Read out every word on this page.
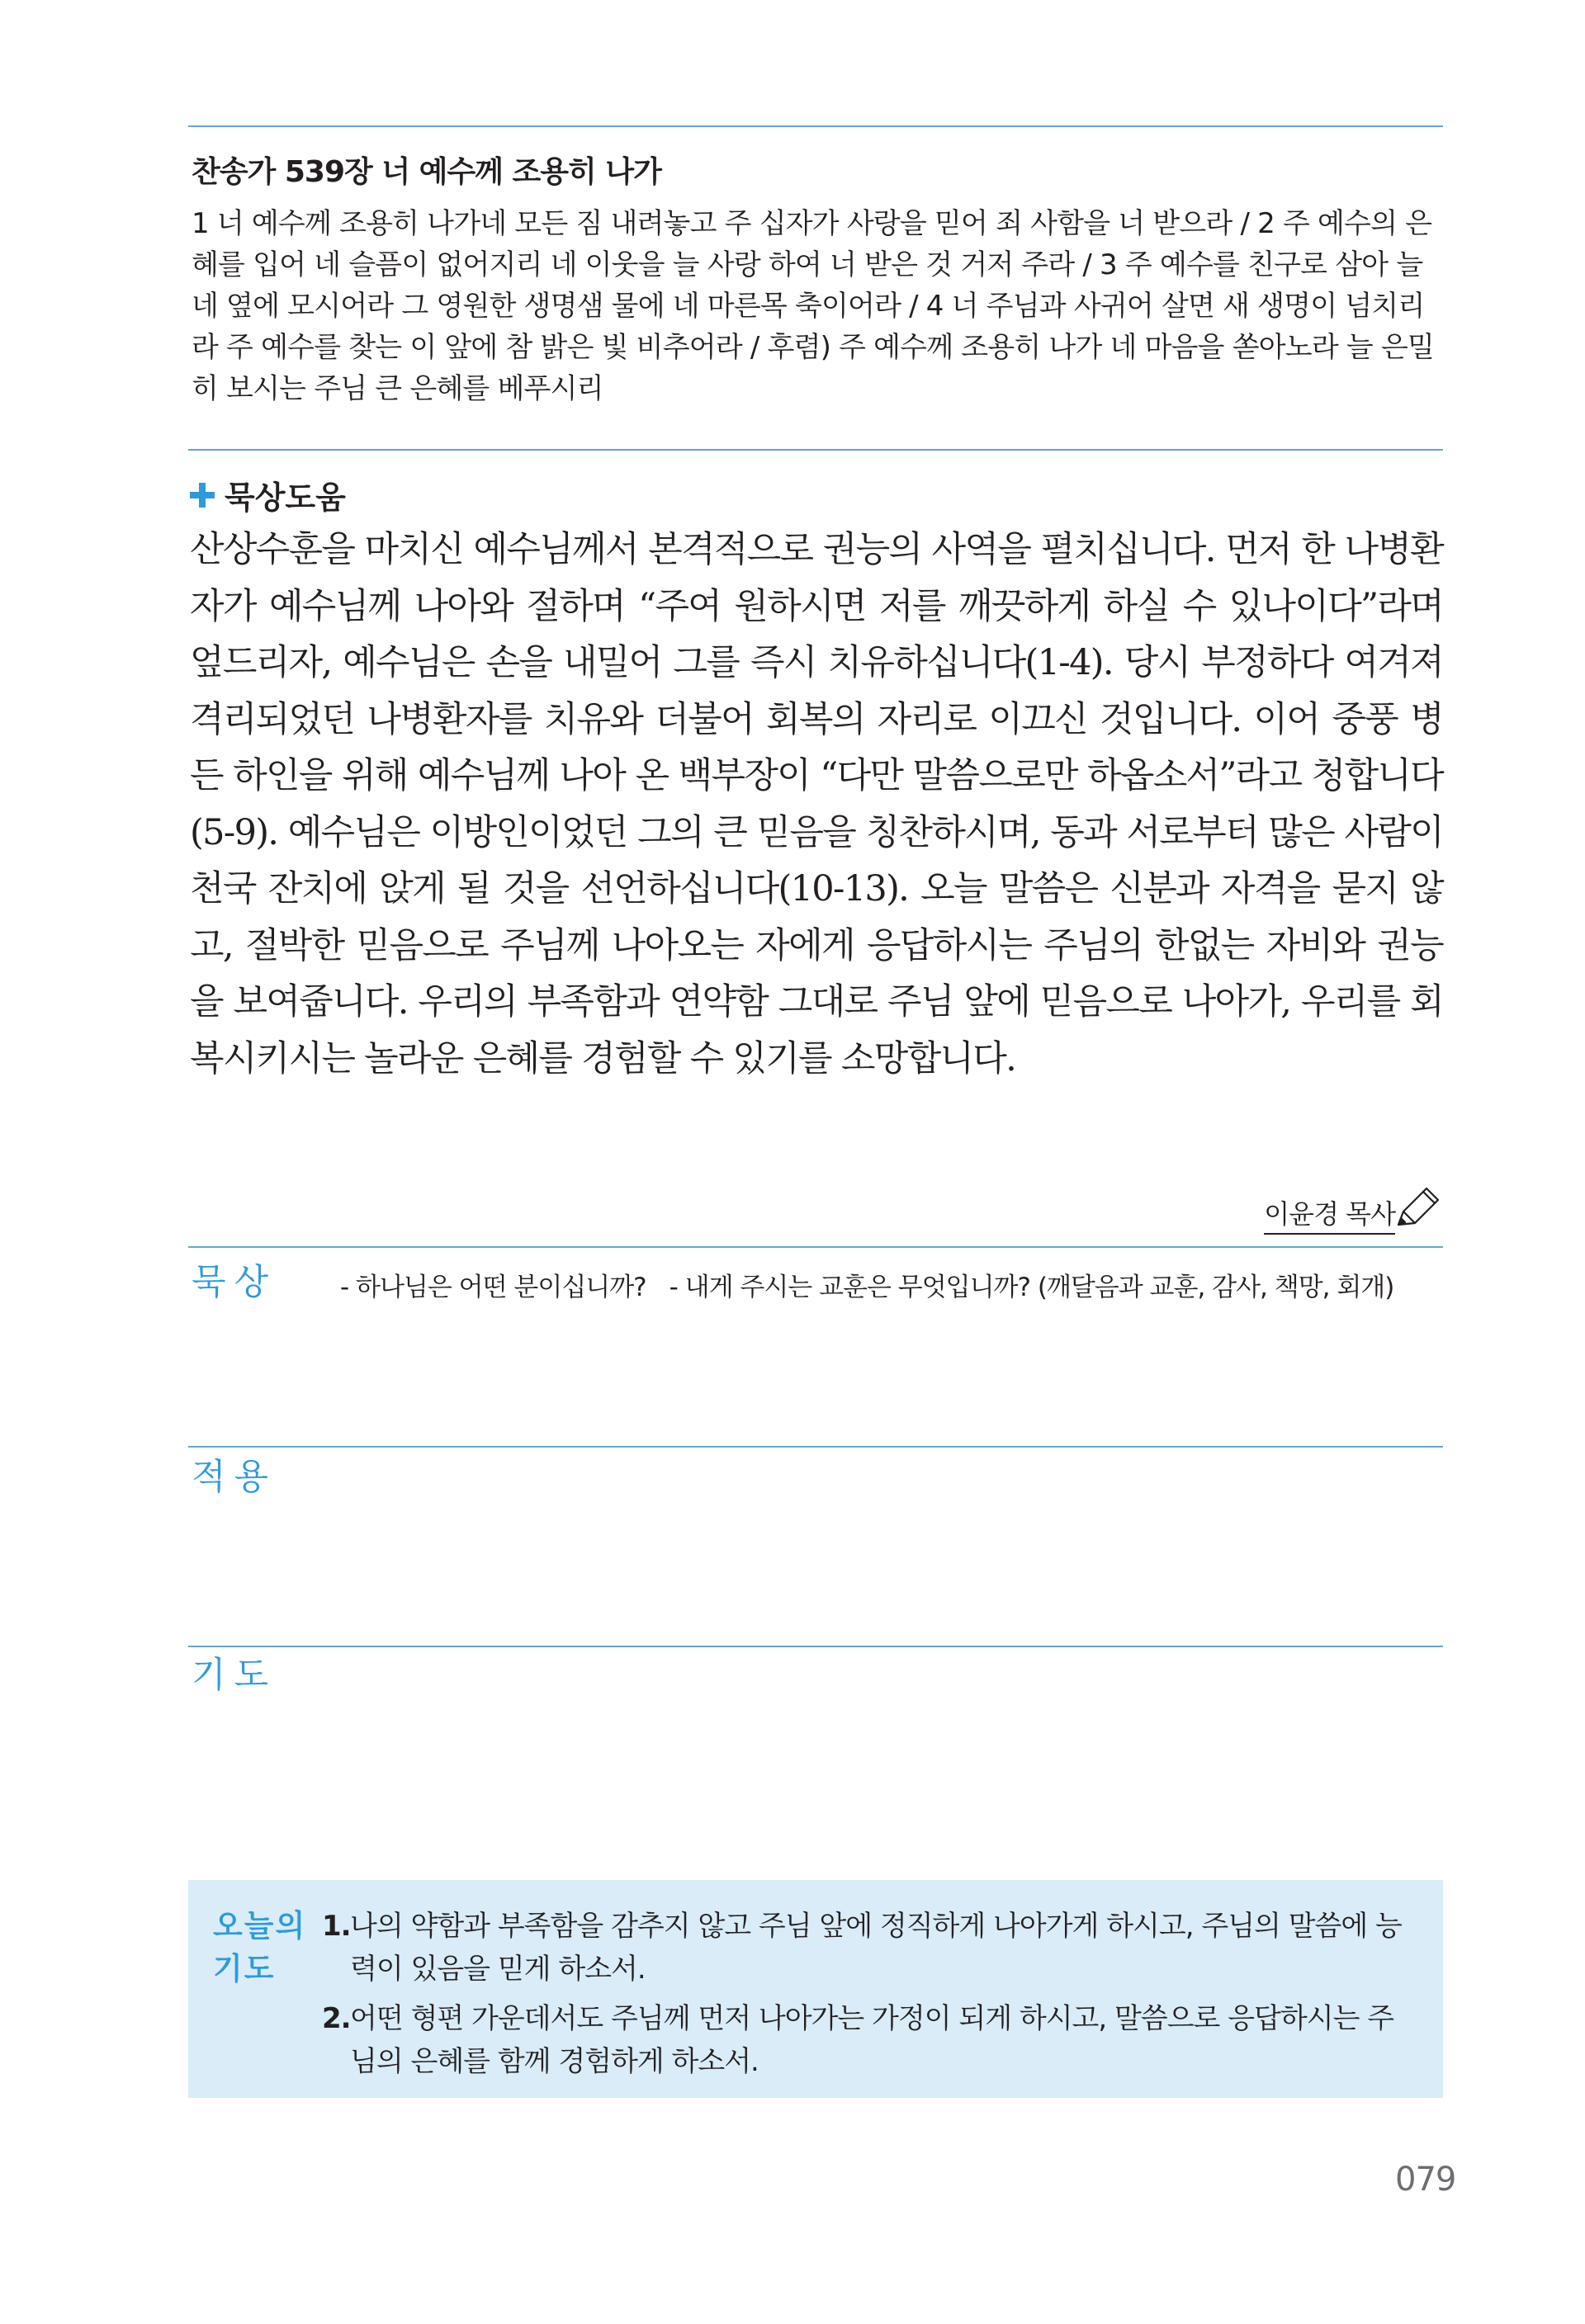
찬송가 539장 너 예수께 조용히 나가
1 너 예수께 조용히 나가네 모든 짐 내려놓고 주 십자가 사랑을 믿어 죄 사함을 너 받으라 / 2 주 예수의 은혜를 입어 네 슬픔이 없어지리 네 이웃을 늘 사랑 하여 너 받은 것 거저 주라 / 3 주 예수를 친구로 삼아 늘 네 옆에 모시어라 그 영원한 생명샘 물에 네 마른목 축이어라 / 4 너 주님과 사귀어 살면 새 생명이 넘치리라 주 예수를 찾는 이 앞에 참 밝은 빛 비추어라 / 후렴) 주 예수께 조용히 나가 네 마음을 쏟아노라 늘 은밀히 보시는 주님 큰 은혜를 베푸시리
묵상도움
산상수훈을 마치신 예수님께서 본격적으로 권능의 사역을 펼치십니다. 먼저 한 나병환자가 예수님께 나아와 절하며 “주여 원하시면 저를 깨끗하게 하실 수 있나이다”라며 엎드리자, 예수님은 손을 내밀어 그를 즉시 치유하십니다(1-4). 당시 부정하다 여겨져 격리되었던 나병환자를 치유와 더불어 회복의 자리로 이끄신 것입니다. 이어 중풍 병든 하인을 위해 예수님께 나아 온 백부장이 “다만 말씀으로만 하옵소서”라고 청합니다(5-9). 예수님은 이방인이었던 그의 큰 믿음을 칭찬하시며, 동과 서로부터 많은 사람이 천국 잔치에 앉게 될 것을 선언하십니다(10-13). 오늘 말씀은 신분과 자격을 묻지 않고, 절박한 믿음으로 주님께 나아오는 자에게 응답하시는 주님의 한없는 자비와 권능을 보여줍니다. 우리의 부족함과 연약함 그대로 주님 앞에 믿음으로 나아가, 우리를 회복시키시는 놀라운 은혜를 경험할 수 있기를 소망합니다.
이윤경 목사
묵상 - 하나님은 어떤 분이십니까? - 내게 주시는 교훈은 무엇입니까? (깨달음과 교훈, 감사, 책망, 회개)
적용
기도
오늘의
기도
1. 나의 약함과 부족함을 감추지 않고 주님 앞에 정직하게 나아가게 하시고, 주님의 말씀에 능력이 있음을 믿게 하소서.
2. 어떤 형편 가운데서도 주님께 먼저 나아가는 가정이 되게 하시고, 말씀으로 응답하시는 주님의 은혜를 함께 경험하게 하소서.
079
